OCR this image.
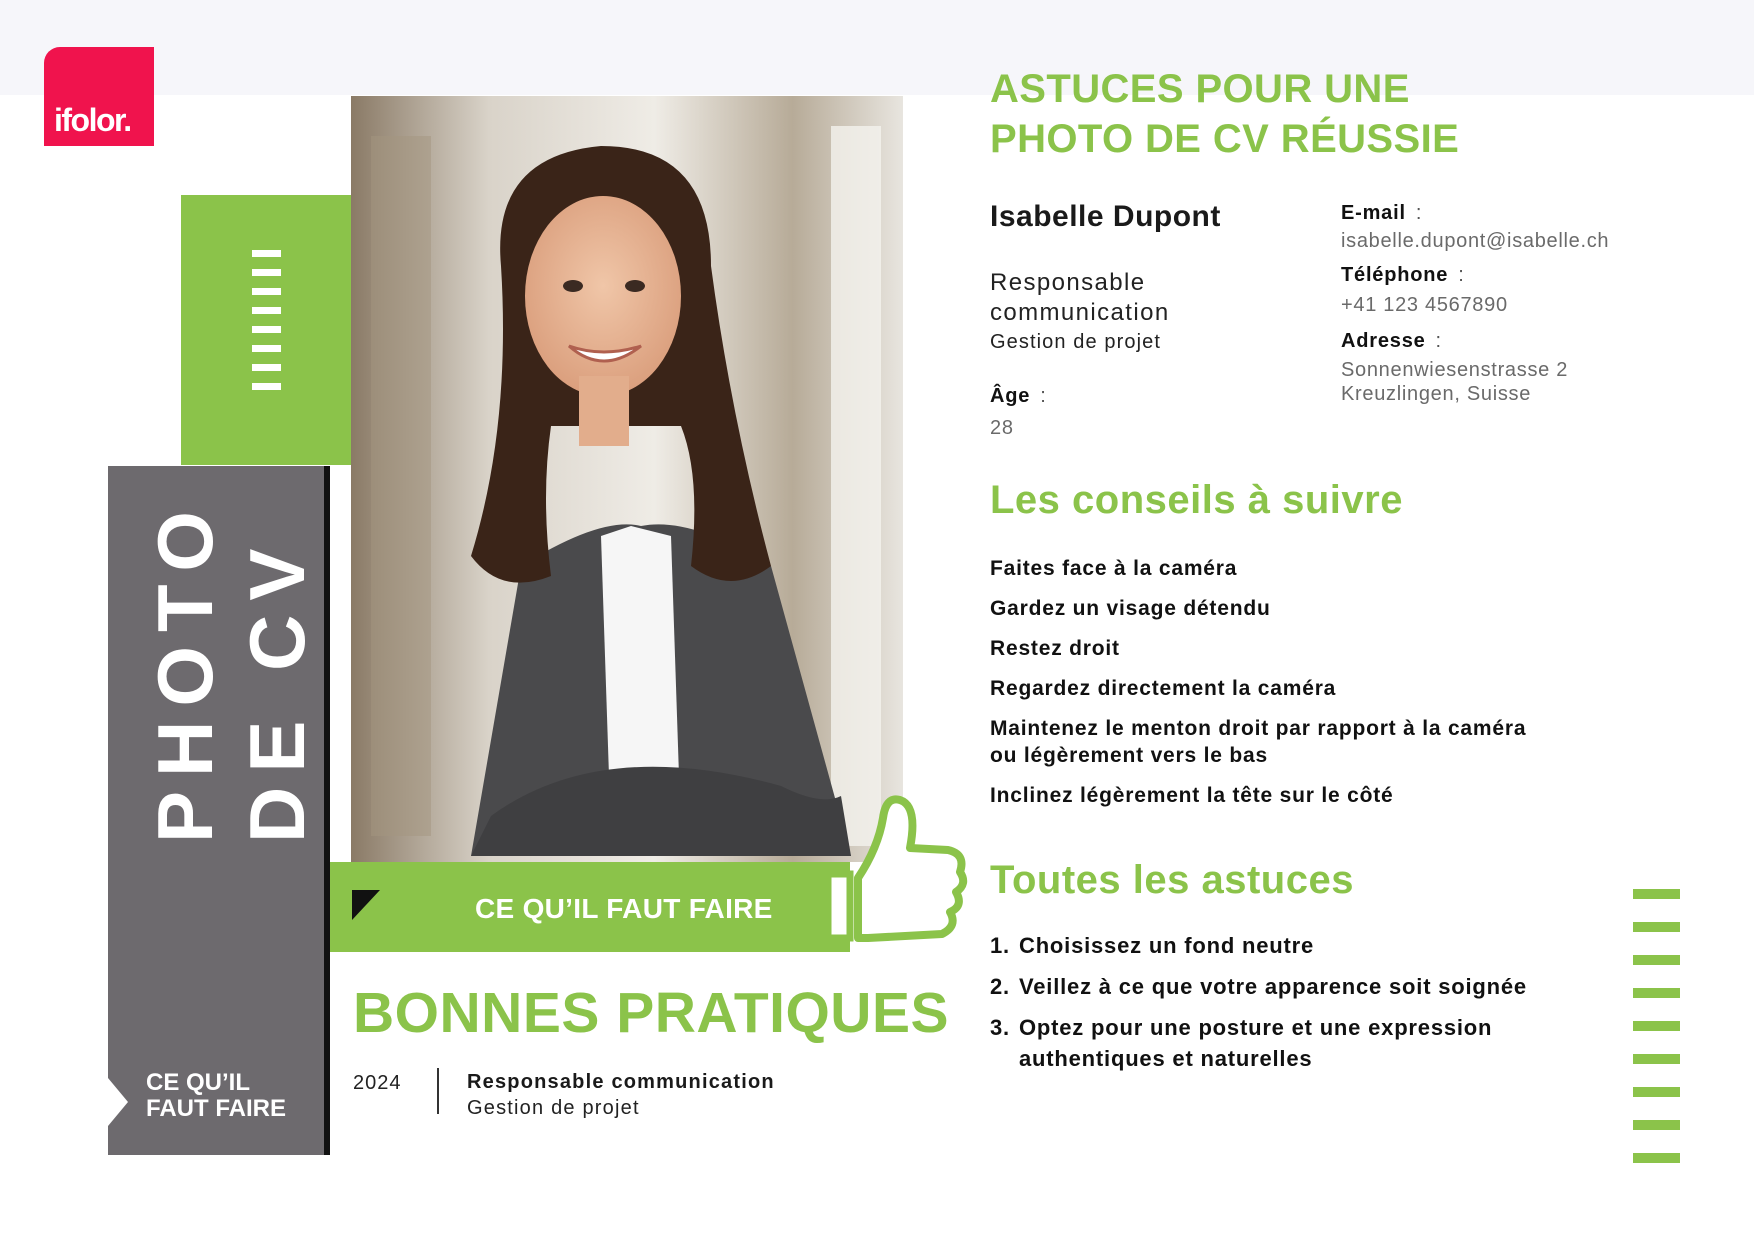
ifolor.
PHOTO DE CV
CE QU’IL FAUT FAIRE
CE QU’IL FAUT FAIRE
BONNES PRATIQUES
2024	Responsable communication
Gestion de projet
ASTUCES POUR UNE
PHOTO DE CV RÉUSSIE
Isabelle Dupont
Responsable
communication
Gestion de projet
Âge :
28
E-mail :
isabelle.dupont@isabelle.ch
Téléphone :
+41 123 4567890
Adresse :
Sonnenwiesenstrasse 2
Kreuzlingen, Suisse
Les conseils à suivre
Faites face à la caméra
Gardez un visage détendu
Restez droit
Regardez directement la caméra
Maintenez le menton droit par rapport à la caméra ou légèrement vers le bas
Inclinez légèrement la tête sur le côté
Toutes les astuces
1. Choisissez un fond neutre
2. Veillez à ce que votre apparence soit soignée
3. Optez pour une posture et une expression authentiques et naturelles
